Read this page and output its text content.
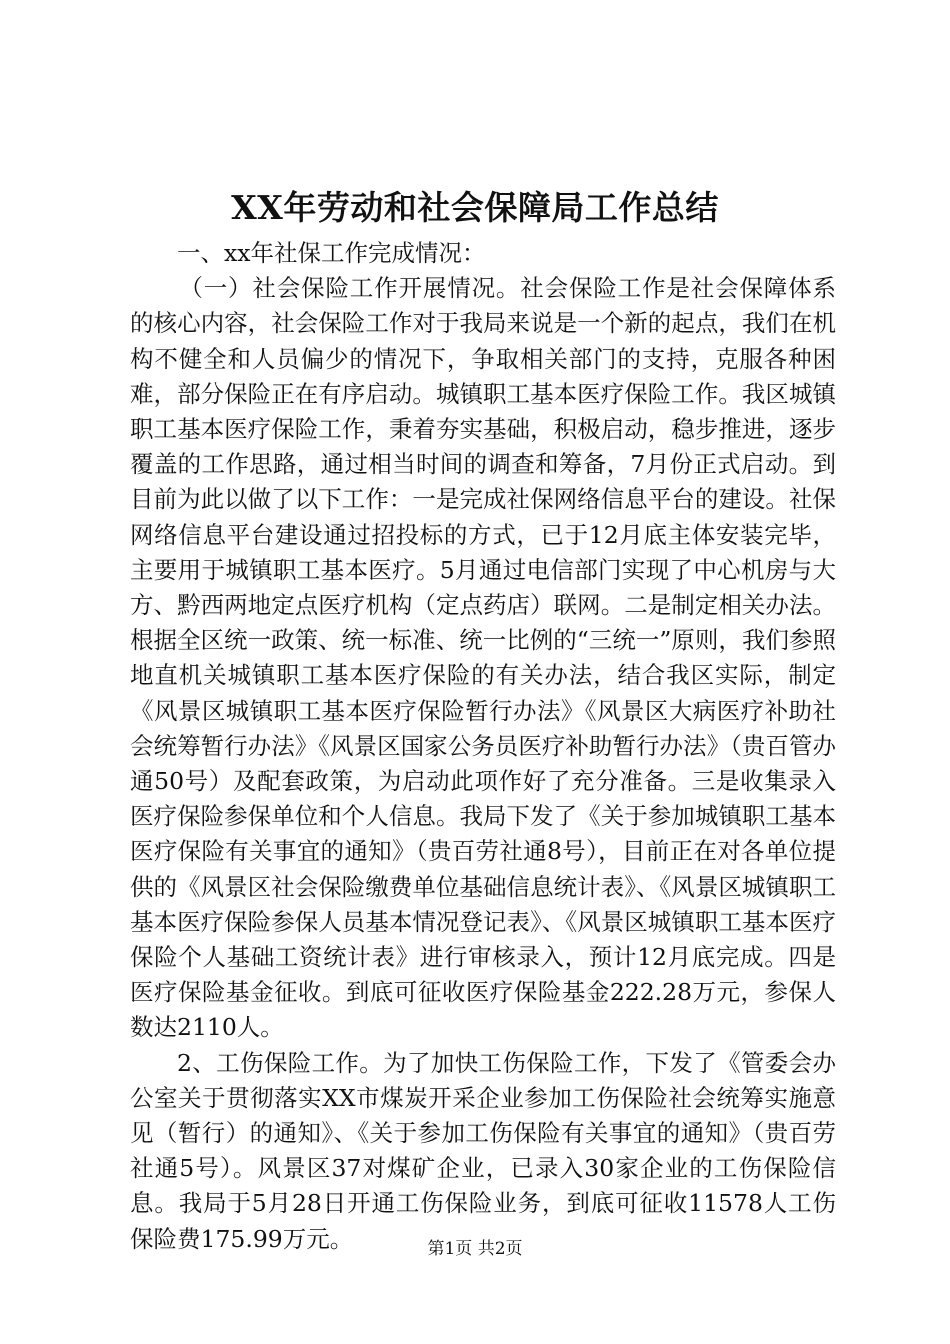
XX年劳动和社会保障局工作总结

一、xx年社保工作完成情况：

（一）社会保险工作开展情况。社会保险工作是社会保障体系的核心内容，社会保险工作对于我局来说是一个新的起点，我们在机构不健全和人员偏少的情况下，争取相关部门的支持，克服各种困难，部分保险正在有序启动。城镇职工基本医疗保险工作。我区城镇职工基本医疗保险工作，秉着夯实基础，积极启动，稳步推进，逐步覆盖的工作思路，通过相当时间的调查和筹备，7月份正式启动。到目前为此以做了以下工作：一是完成社保网络信息平台的建设。社保网络信息平台建设通过招投标的方式，已于12月底主体安装完毕，主要用于城镇职工基本医疗。5月通过电信部门实现了中心机房与大方、黔西两地定点医疗机构（定点药店）联网。二是制定相关办法。根据全区统一政策、统一标准、统一比例的“三统一”原则，我们参照地直机关城镇职工基本医疗保险的有关办法，结合我区实际，制定《风景区城镇职工基本医疗保险暂行办法》《风景区大病医疗补助社会统筹暂行办法》《风景区国家公务员医疗补助暂行办法》（贵百管办通50号）及配套政策，为启动此项作好了充分准备。三是收集录入医疗保险参保单位和个人信息。我局下发了《关于参加城镇职工基本医疗保险有关事宜的通知》（贵百劳社通8号），目前正在对各单位提供的《风景区社会保险缴费单位基础信息统计表》、《风景区城镇职工基本医疗保险参保人员基本情况登记表》、《风景区城镇职工基本医疗保险个人基础工资统计表》进行审核录入，预计12月底完成。四是医疗保险基金征收。到底可征收医疗保险基金222.28万元，参保人数达2110人。

2、工伤保险工作。为了加快工伤保险工作，下发了《管委会办公室关于贯彻落实XX市煤炭开采企业参加工伤保险社会统筹实施意见（暂行）的通知》、《关于参加工伤保险有关事宜的通知》（贵百劳社通5号）。风景区37对煤矿企业，已录入30家企业的工伤保险信息。我局于5月28日开通工伤保险业务，到底可征收11578人工伤保险费175.99万元。	第1页 共2页
